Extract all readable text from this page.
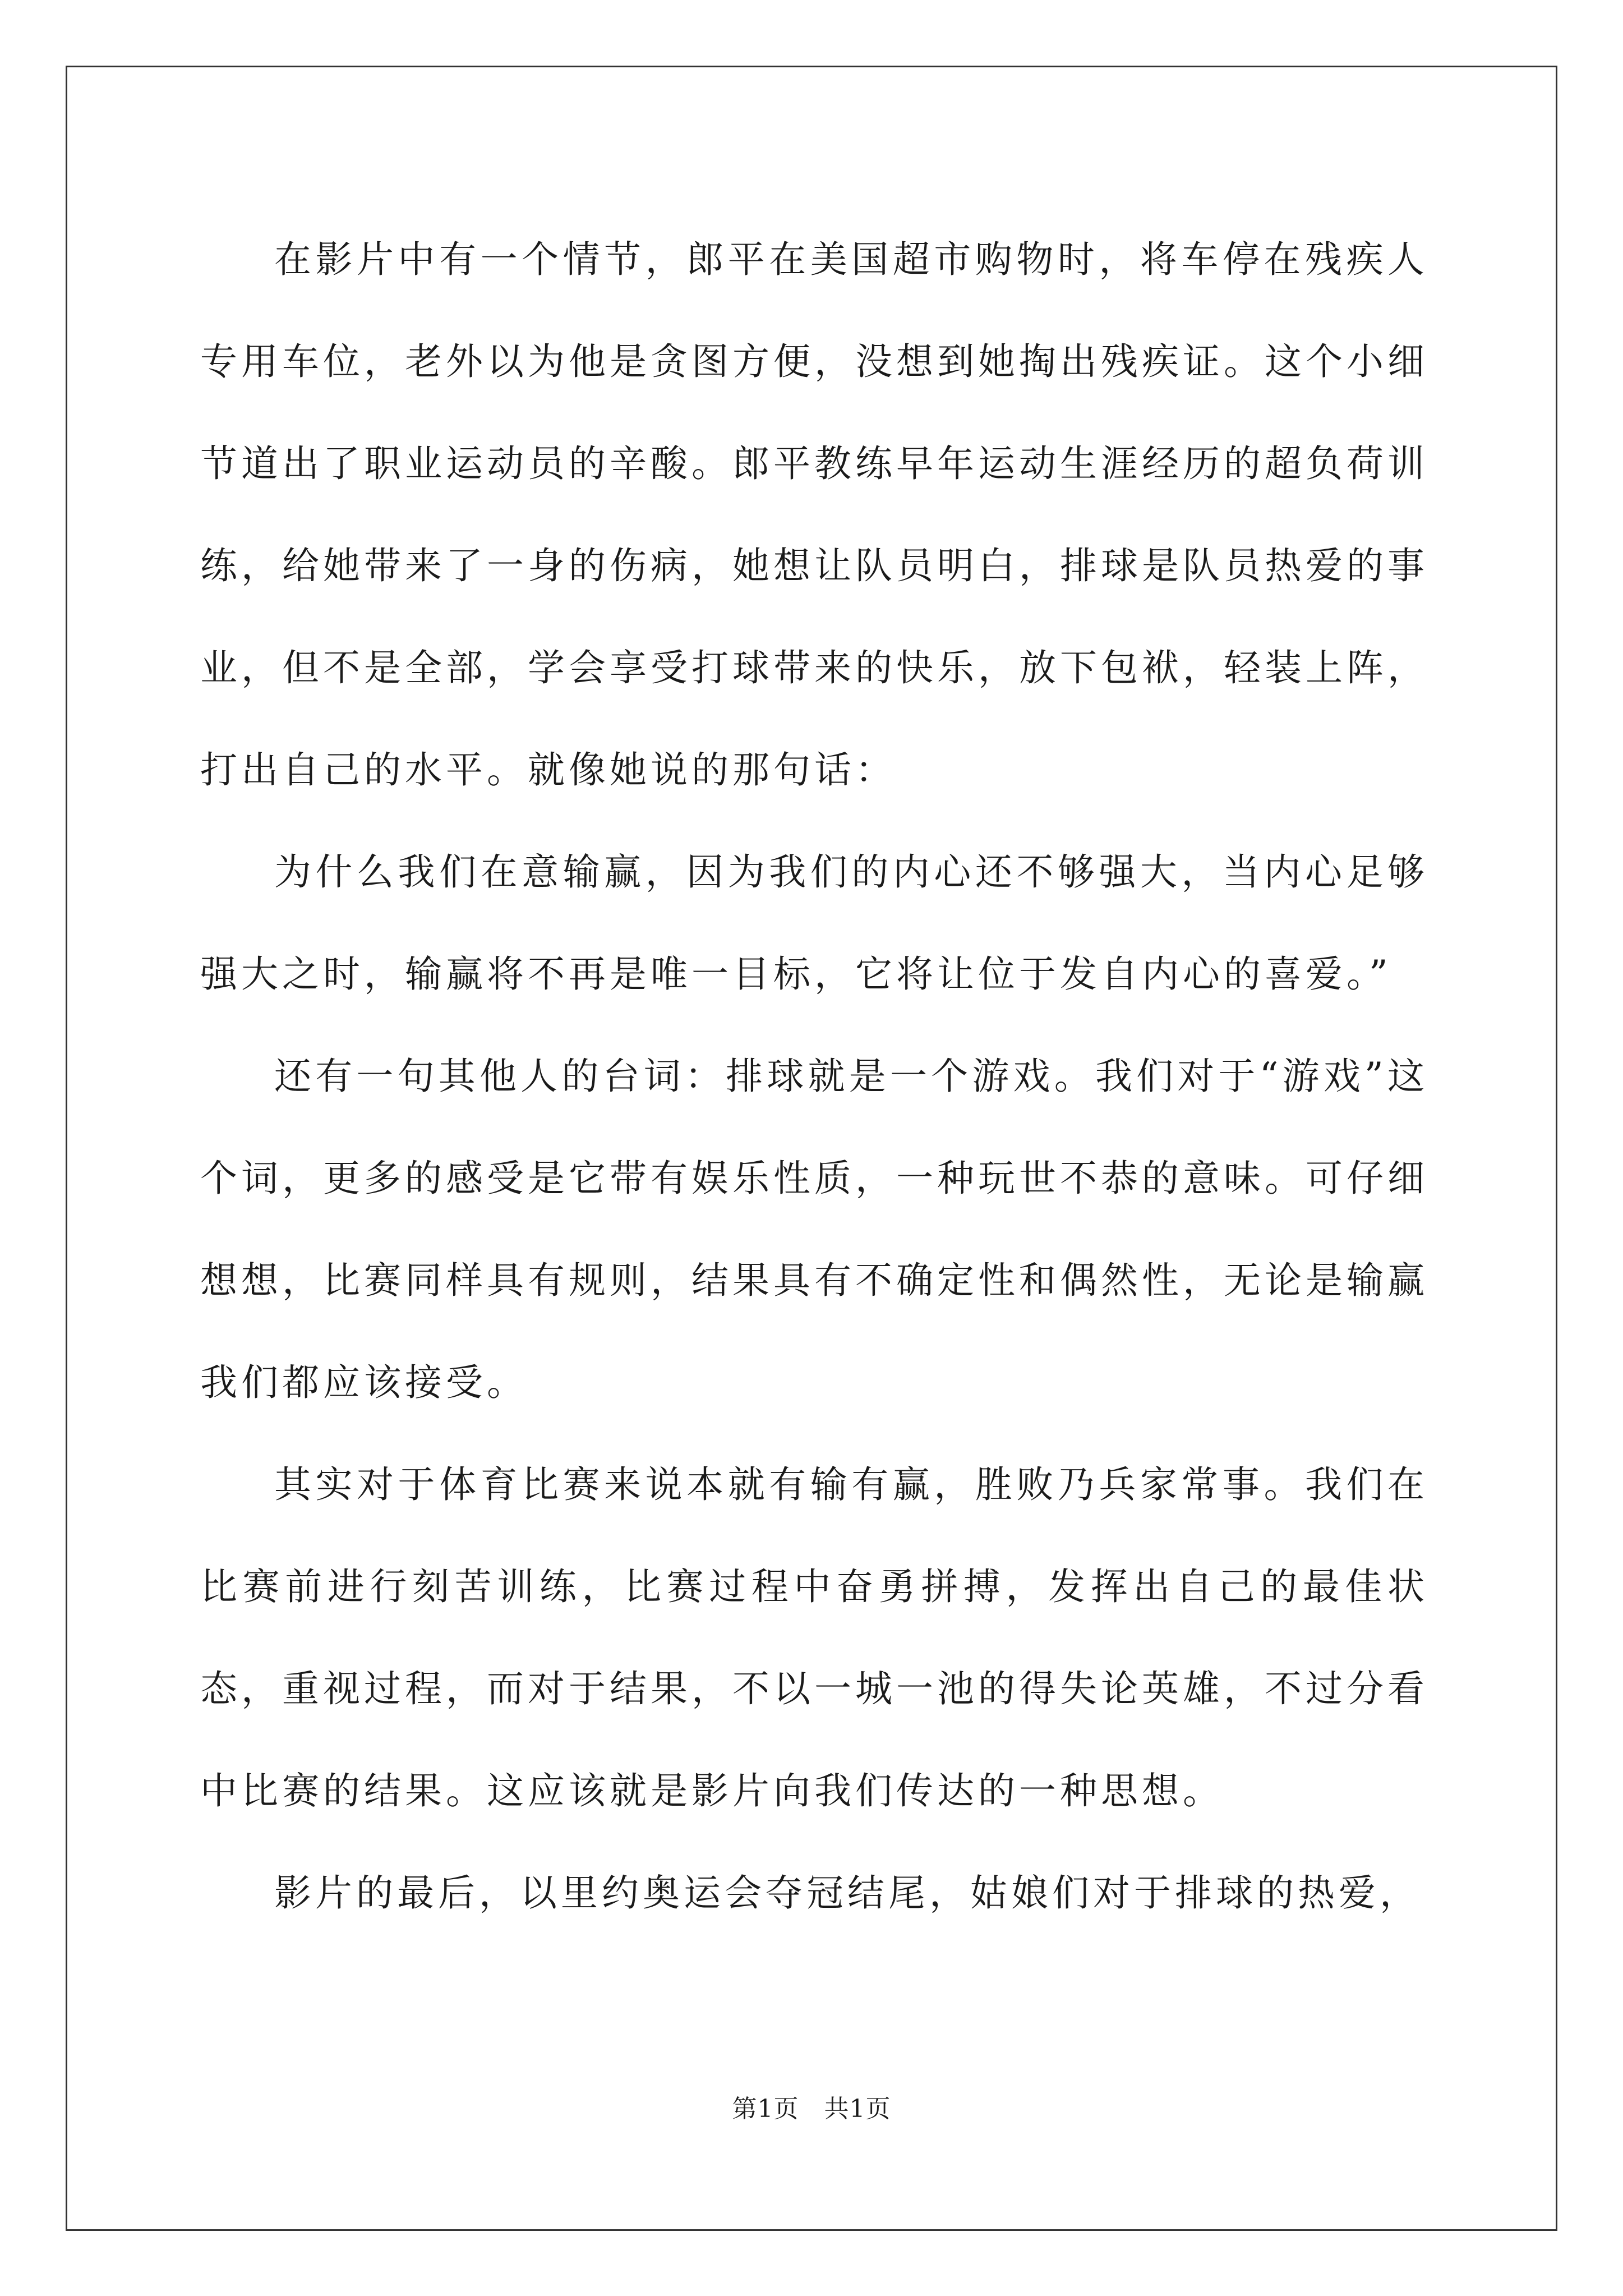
在影片中有一个情节，郎平在美国超市购物时，将车停在残疾人专用车位，老外以为他是贪图方便，没想到她掏出残疾证。这个小细节道出了职业运动员的辛酸。郎平教练早年运动生涯经历的超负荷训练，给她带来了一身的伤病，她想让队员明白，排球是队员热爱的事业，但不是全部，学会享受打球带来的快乐，放下包袱，轻装上阵，打出自己的水平。就像她说的那句话：

为什么我们在意输赢，因为我们的内心还不够强大，当内心足够强大之时，输赢将不再是唯一目标，它将让位于发自内心的喜爱。”

还有一句其他人的台词：排球就是一个游戏。我们对于“游戏”这个词，更多的感受是它带有娱乐性质，一种玩世不恭的意味。可仔细想想，比赛同样具有规则，结果具有不确定性和偶然性，无论是输赢我们都应该接受。

其实对于体育比赛来说本就有输有赢，胜败乃兵家常事。我们在比赛前进行刻苦训练，比赛过程中奋勇拼搏，发挥出自己的最佳状态，重视过程，而对于结果，不以一城一池的得失论英雄，不过分看中比赛的结果。这应该就是影片向我们传达的一种思想。

影片的最后，以里约奥运会夺冠结尾，姑娘们对于排球的热爱，

第1页   共1页
